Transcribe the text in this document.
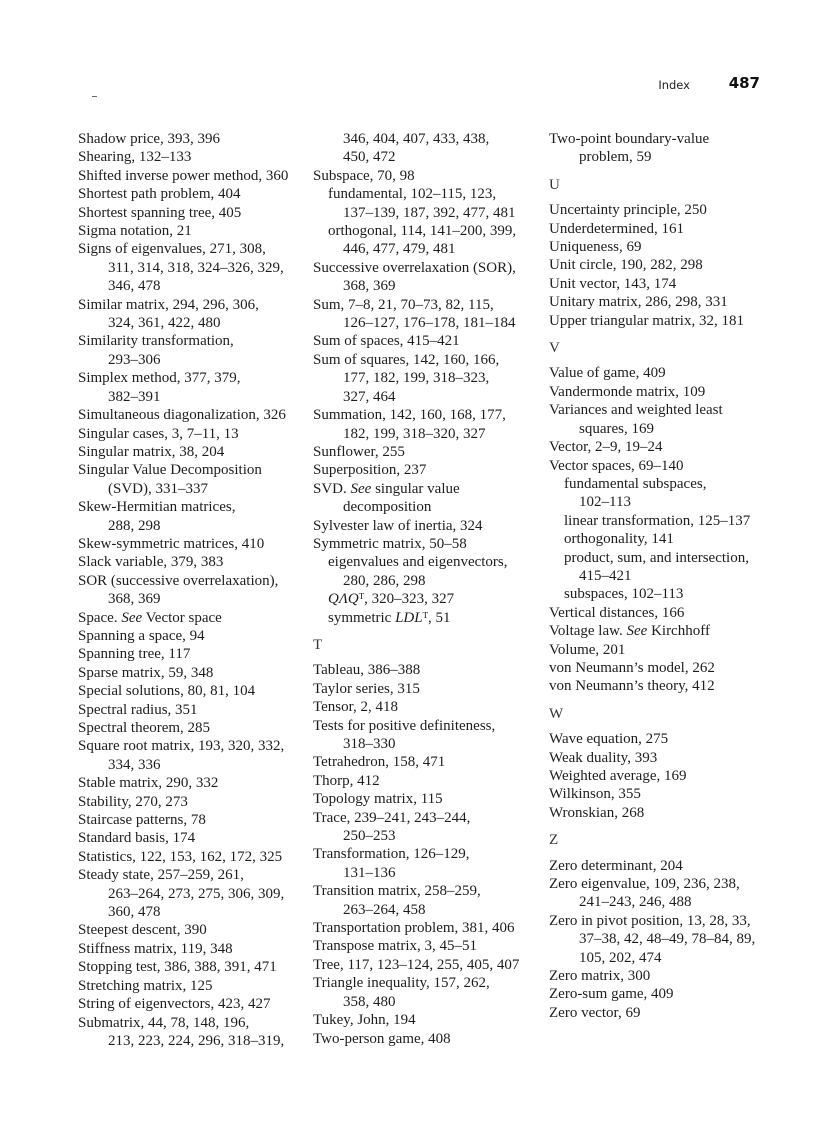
Index	487
Shadow price, 393, 396
Shearing, 132–133
Shifted inverse power method, 360
Shortest path problem, 404
Shortest spanning tree, 405
Sigma notation, 21
Signs of eigenvalues, 271, 308,
311, 314, 318, 324–326, 329,
346, 478
Similar matrix, 294, 296, 306,
324, 361, 422, 480
Similarity transformation,
293–306
Simplex method, 377, 379,
382–391
Simultaneous diagonalization, 326
Singular cases, 3, 7–11, 13
Singular matrix, 38, 204
Singular Value Decomposition
(SVD), 331–337
Skew-Hermitian matrices,
288, 298
Skew-symmetric matrices, 410
Slack variable, 379, 383
SOR (successive overrelaxation),
368, 369
Space. See Vector space
Spanning a space, 94
Spanning tree, 117
Sparse matrix, 59, 348
Special solutions, 80, 81, 104
Spectral radius, 351
Spectral theorem, 285
Square root matrix, 193, 320, 332,
334, 336
Stable matrix, 290, 332
Stability, 270, 273
Staircase patterns, 78
Standard basis, 174
Statistics, 122, 153, 162, 172, 325
Steady state, 257–259, 261,
263–264, 273, 275, 306, 309,
360, 478
Steepest descent, 390
Stiffness matrix, 119, 348
Stopping test, 386, 388, 391, 471
Stretching matrix, 125
String of eigenvectors, 423, 427
Submatrix, 44, 78, 148, 196,
213, 223, 224, 296, 318–319,
346, 404, 407, 433, 438,
450, 472
Subspace, 70, 98
fundamental, 102–115, 123,
137–139, 187, 392, 477, 481
orthogonal, 114, 141–200, 399,
446, 477, 479, 481
Successive overrelaxation (SOR),
368, 369
Sum, 7–8, 21, 70–73, 82, 115,
126–127, 176–178, 181–184
Sum of spaces, 415–421
Sum of squares, 142, 160, 166,
177, 182, 199, 318–323,
327, 464
Summation, 142, 160, 168, 177,
182, 199, 318–320, 327
Sunflower, 255
Superposition, 237
SVD. See singular value
decomposition
Sylvester law of inertia, 324
Symmetric matrix, 50–58
eigenvalues and eigenvectors,
280, 286, 298
QΛQᵀ, 320–323, 327
symmetric LDLᵀ, 51
T
Tableau, 386–388
Taylor series, 315
Tensor, 2, 418
Tests for positive definiteness,
318–330
Tetrahedron, 158, 471
Thorp, 412
Topology matrix, 115
Trace, 239–241, 243–244,
250–253
Transformation, 126–129,
131–136
Transition matrix, 258–259,
263–264, 458
Transportation problem, 381, 406
Transpose matrix, 3, 45–51
Tree, 117, 123–124, 255, 405, 407
Triangle inequality, 157, 262,
358, 480
Tukey, John, 194
Two-person game, 408
Two-point boundary-value
problem, 59
U
Uncertainty principle, 250
Underdetermined, 161
Uniqueness, 69
Unit circle, 190, 282, 298
Unit vector, 143, 174
Unitary matrix, 286, 298, 331
Upper triangular matrix, 32, 181
V
Value of game, 409
Vandermonde matrix, 109
Variances and weighted least
squares, 169
Vector, 2–9, 19–24
Vector spaces, 69–140
fundamental subspaces,
102–113
linear transformation, 125–137
orthogonality, 141
product, sum, and intersection,
415–421
subspaces, 102–113
Vertical distances, 166
Voltage law. See Kirchhoff
Volume, 201
von Neumann’s model, 262
von Neumann’s theory, 412
W
Wave equation, 275
Weak duality, 393
Weighted average, 169
Wilkinson, 355
Wronskian, 268
Z
Zero determinant, 204
Zero eigenvalue, 109, 236, 238,
241–243, 246, 488
Zero in pivot position, 13, 28, 33,
37–38, 42, 48–49, 78–84, 89,
105, 202, 474
Zero matrix, 300
Zero-sum game, 409
Zero vector, 69
